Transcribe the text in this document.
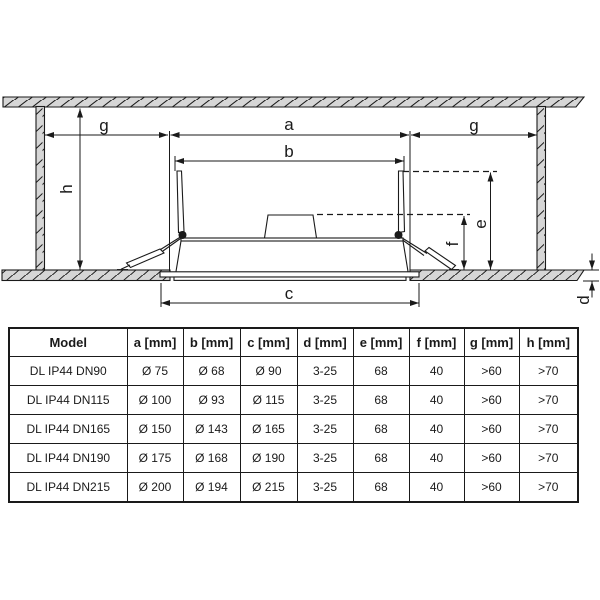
g	a	g
b
c
h
e
f
d
Model	a [mm]	b [mm]	c [mm]	d [mm]	e [mm]	f [mm]	g [mm]	h [mm]
DL IP44 DN90	Ø 75	Ø 68	Ø 90	3-25	68	40	>60	>70
DL IP44 DN115	Ø 100	Ø 93	Ø 115	3-25	68	40	>60	>70
DL IP44 DN165	Ø 150	Ø 143	Ø 165	3-25	68	40	>60	>70
DL IP44 DN190	Ø 175	Ø 168	Ø 190	3-25	68	40	>60	>70
DL IP44 DN215	Ø 200	Ø 194	Ø 215	3-25	68	40	>60	>70
